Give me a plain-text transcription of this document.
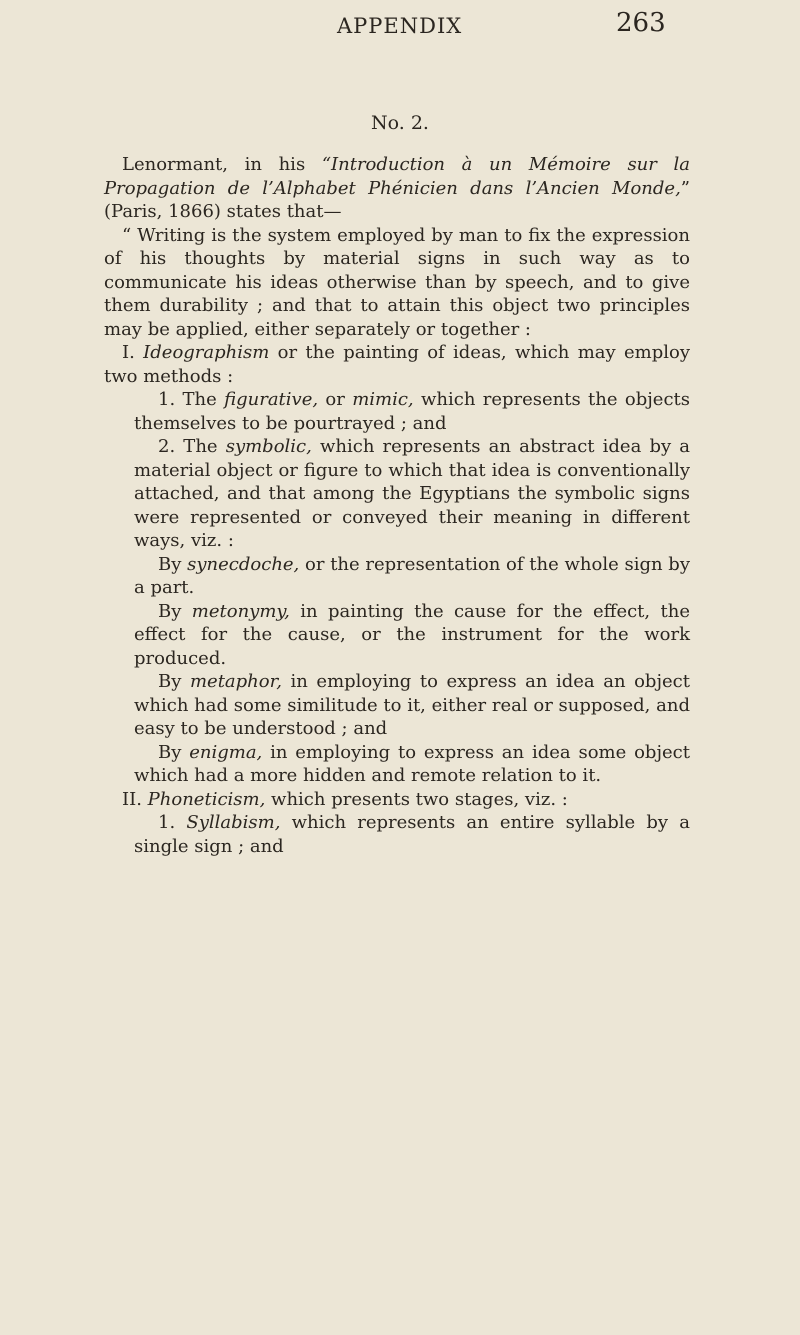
APPENDIX	263
No. 2.

Lenormant, in his “Introduction à un Mémoire sur la Propagation de l’Alphabet Phénicien dans l’Ancien Monde,” (Paris, 1866) states that—

“ Writing is the system employed by man to fix the expression of his thoughts by material signs in such way as to communicate his ideas otherwise than by speech, and to give them durability ; and that to attain this object two principles may be applied, either separately or together :

I. Ideographism or the painting of ideas, which may employ two methods :

1. The figurative, or mimic, which represents the objects themselves to be pourtrayed ; and

2. The symbolic, which represents an abstract idea by a material object or figure to which that idea is conventionally attached, and that among the Egyptians the symbolic signs were represented or conveyed their meaning in different ways, viz. :

By synecdoche, or the representation of the whole sign by a part.

By metonymy, in painting the cause for the effect, the effect for the cause, or the instrument for the work produced.

By metaphor, in employing to express an idea an object which had some similitude to it, either real or supposed, and easy to be understood ; and

By enigma, in employing to express an idea some object which had a more hidden and remote relation to it.

II. Phoneticism, which presents two stages, viz. :

1. Syllabism, which represents an entire syllable by a single sign ; and
